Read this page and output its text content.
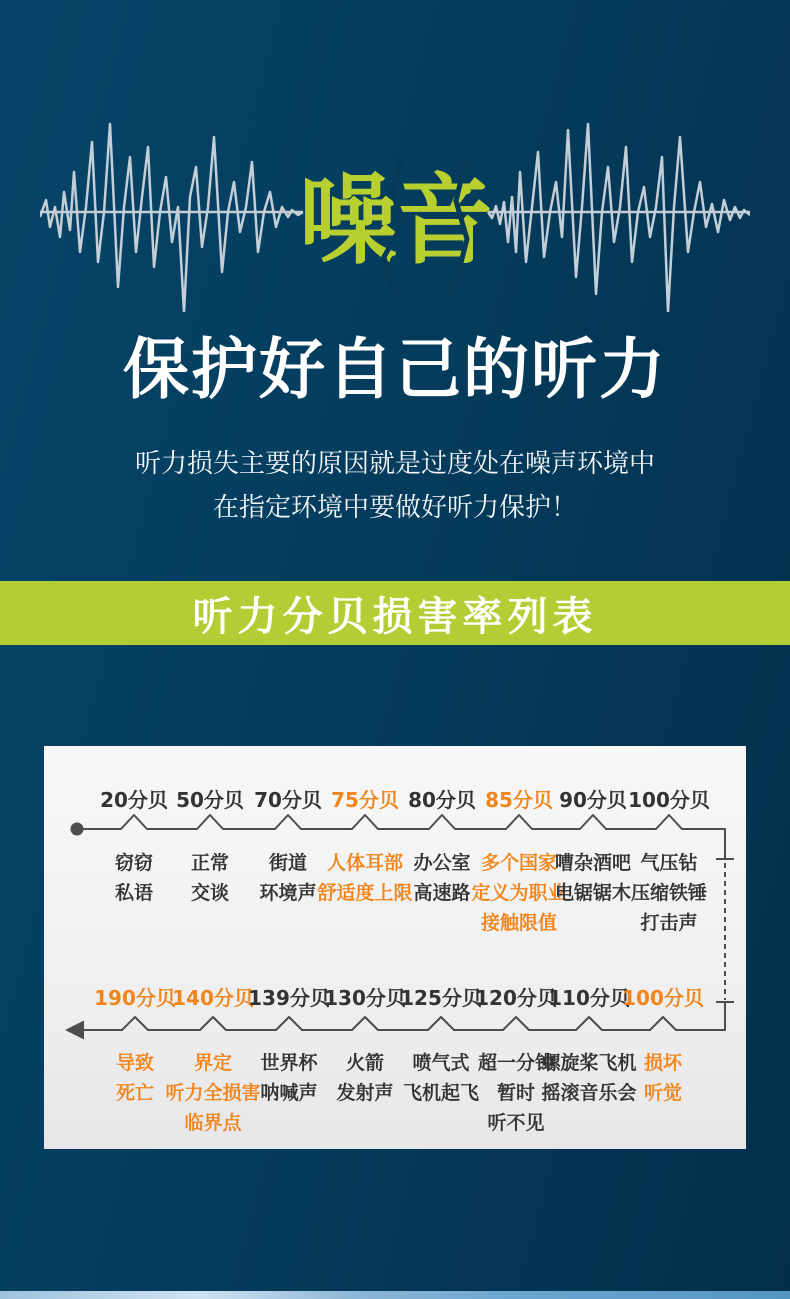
噪音
保护好自己的听力
听力损失主要的原因就是过度处在噪声环境中
在指定环境中要做好听力保护！
听力分贝损害率列表
20分贝
窃窃
私语
50分贝
正常
交谈
70分贝
街道
环境声
75分贝
人体耳部
舒适度上限
80分贝
办公室
高速路
85分贝
多个国家
定义为职业
接触限值
90分贝
嘈杂酒吧
电锯锯木
100分贝
气压钻
压缩铁锤
打击声
190分贝
导致
死亡
140分贝
界定
听力全损害
临界点
139分贝
世界杯
呐喊声
130分贝
火箭
发射声
125分贝
喷气式
飞机起飞
120分贝
超一分钟
暂时
听不见
110分贝
螺旋桨飞机
摇滚音乐会
100分贝
损坏
听觉
